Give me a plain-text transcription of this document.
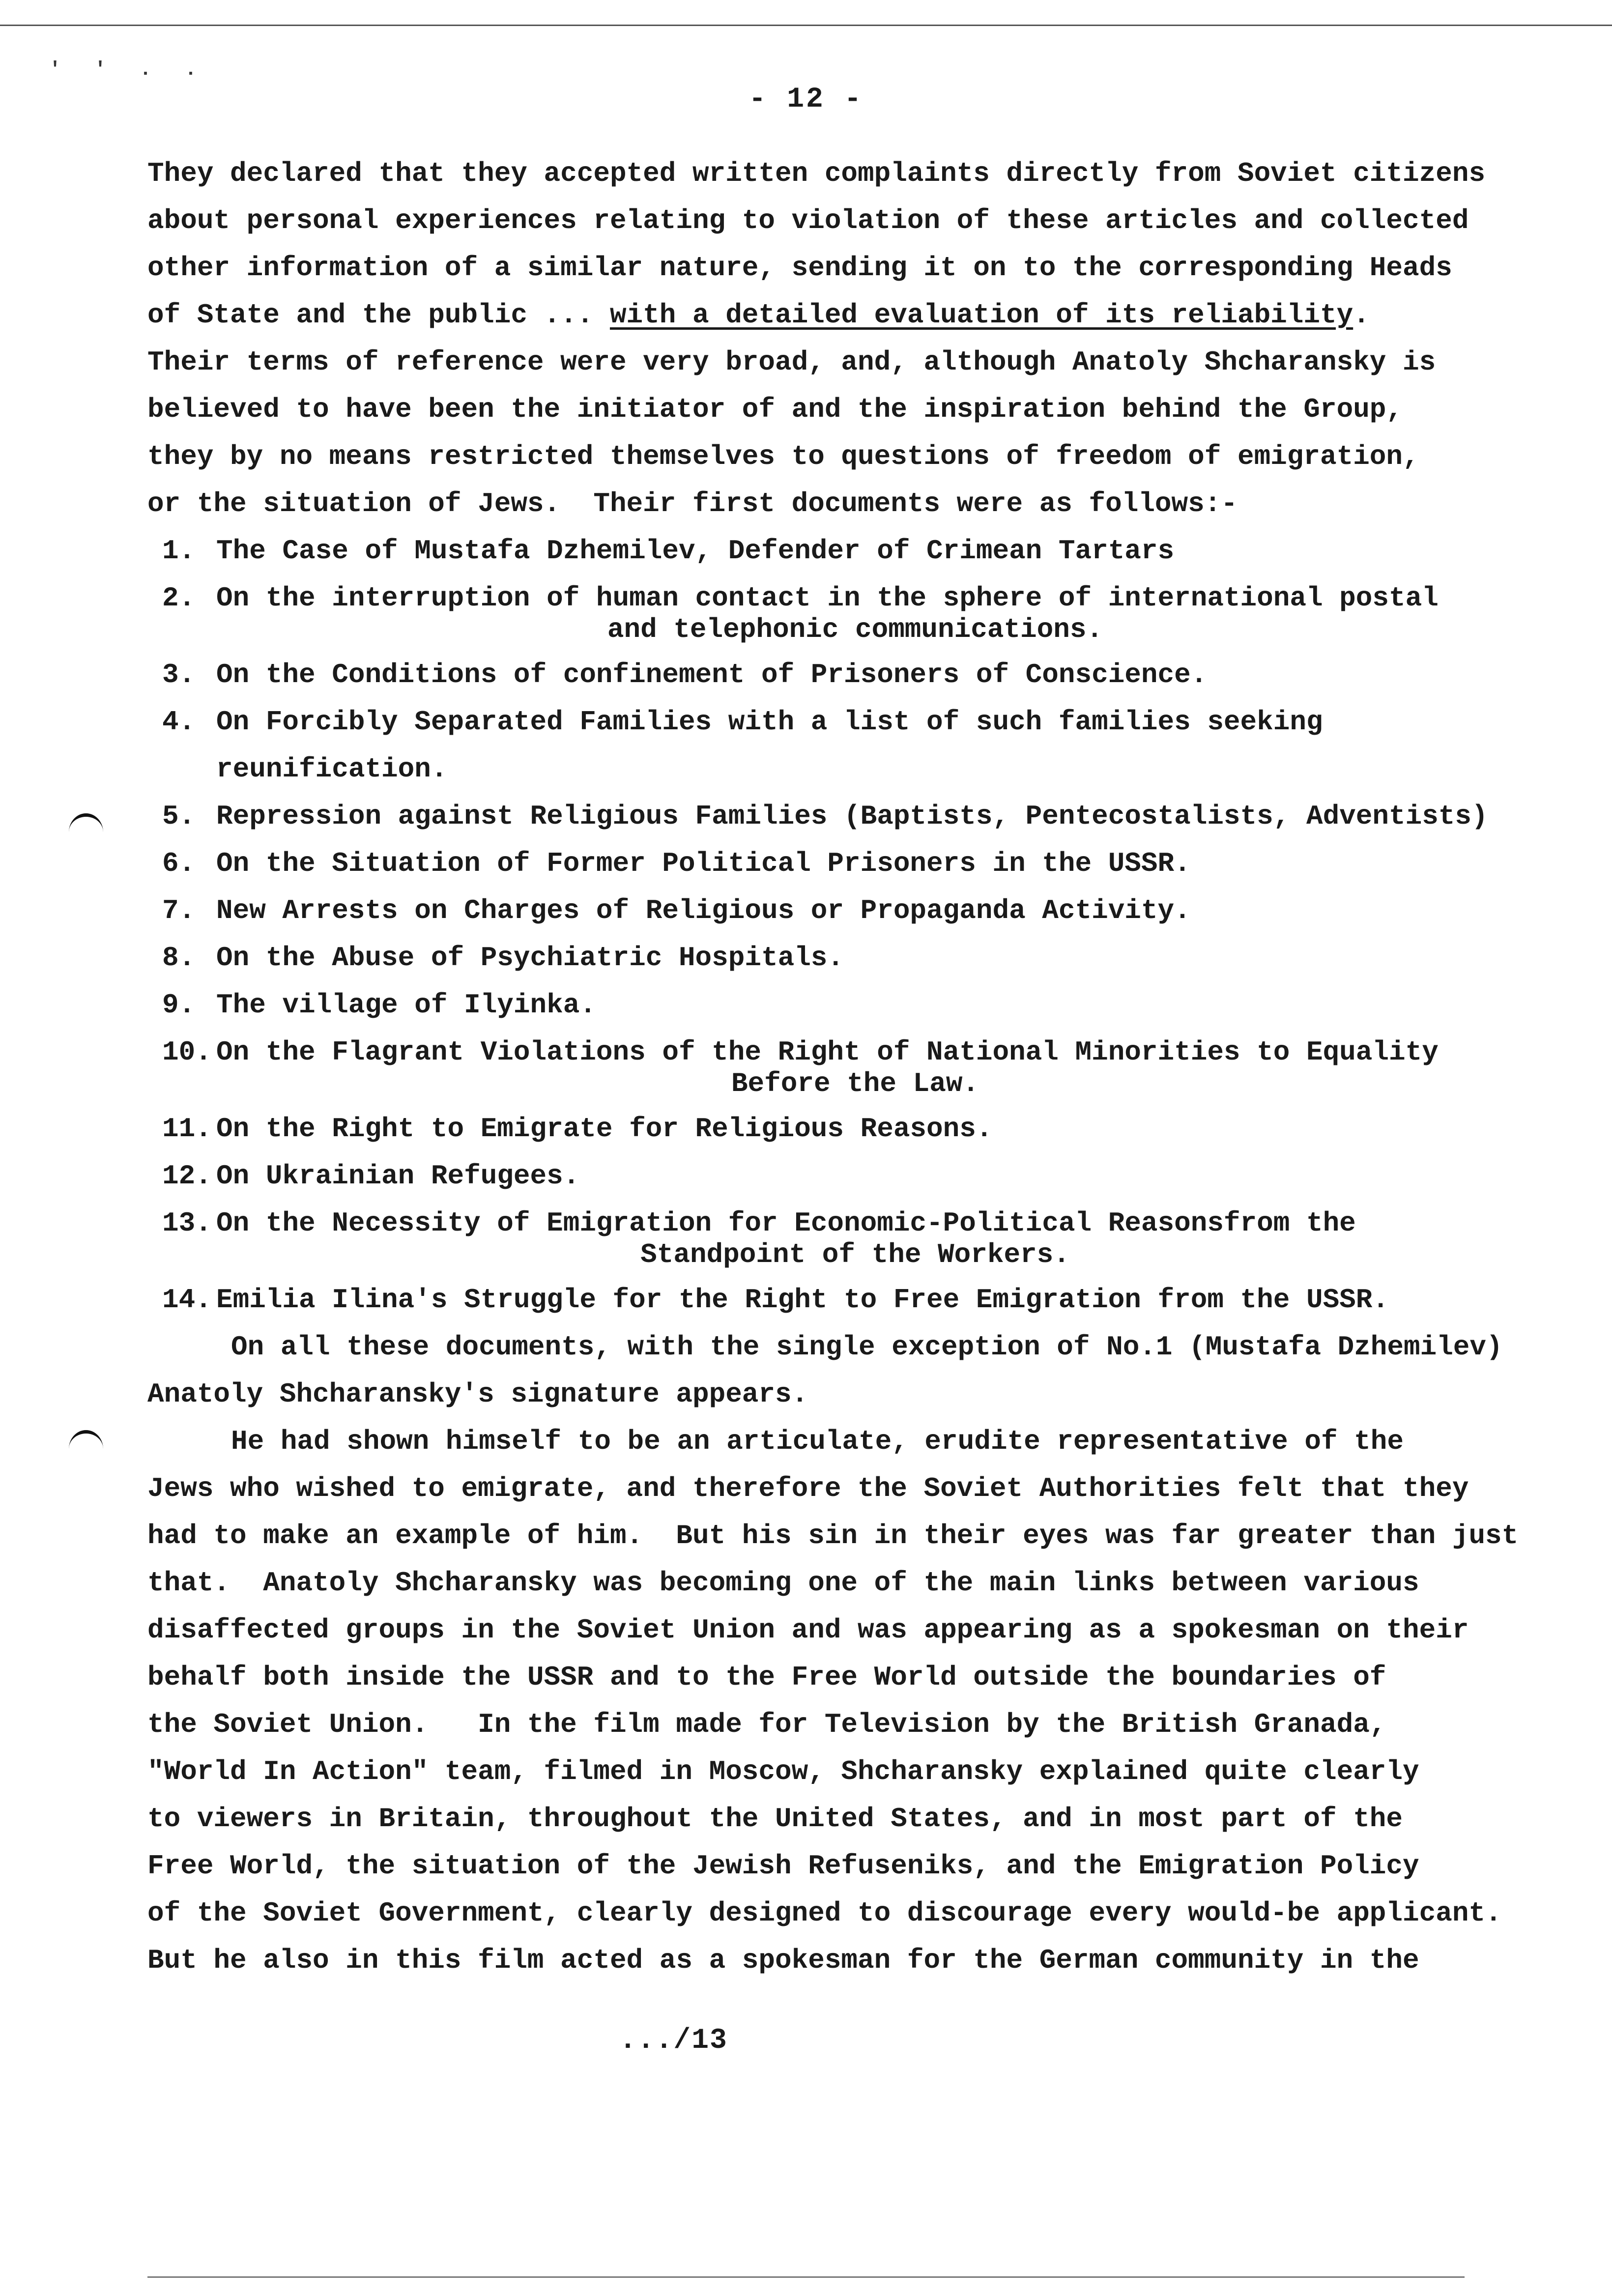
' ' . .
- 12 -
They declared that they accepted written complaints directly from Soviet citizens
about personal experiences relating to violation of these articles and collected
other information of a similar nature, sending it on to the corresponding Heads
of State and the public ... with a detailed evaluation of its reliability.
Their terms of reference were very broad, and, although Anatoly Shcharansky is
believed to have been the initiator of and the inspiration behind the Group,
they by no means restricted themselves to questions of freedom of emigration,
or the situation of Jews.  Their first documents were as follows:-
1. The Case of Mustafa Dzhemilev, Defender of Crimean Tartars
2. On the interruption of human contact in the sphere of international postal
and telephonic communications.
3. On the Conditions of confinement of Prisoners of Conscience.
4. On Forcibly Separated Families with a list of such families seeking reunification.
5. Repression against Religious Families (Baptists, Pentecostalists, Adventists)
6. On the Situation of Former Political Prisoners in the USSR.
7. New Arrests on Charges of Religious or Propaganda Activity.
8. On the Abuse of Psychiatric Hospitals.
9. The village of Ilyinka.
10. On the Flagrant Violations of the Right of National Minorities to Equality
Before the Law.
11. On the Right to Emigrate for Religious Reasons.
12. On Ukrainian Refugees.
13. On the Necessity of Emigration for Economic-Political Reasonsfrom the
Standpoint of the Workers.
14. Emilia Ilina's Struggle for the Right to Free Emigration from the USSR.
On all these documents, with the single exception of No.1 (Mustafa Dzhemilev)
Anatoly Shcharansky's signature appears.
He had shown himself to be an articulate, erudite representative of the
Jews who wished to emigrate, and therefore the Soviet Authorities felt that they
had to make an example of him.  But his sin in their eyes was far greater than just
that.  Anatoly Shcharansky was becoming one of the main links between various
disaffected groups in the Soviet Union and was appearing as a spokesman on their
behalf both inside the USSR and to the Free World outside the boundaries of
the Soviet Union.   In the film made for Television by the British Granada,
"World In Action" team, filmed in Moscow, Shcharansky explained quite clearly
to viewers in Britain, throughout the United States, and in most part of the
Free World, the situation of the Jewish Refuseniks, and the Emigration Policy
of the Soviet Government, clearly designed to discourage every would-be applicant.
But he also in this film acted as a spokesman for the German community in the
.../13
